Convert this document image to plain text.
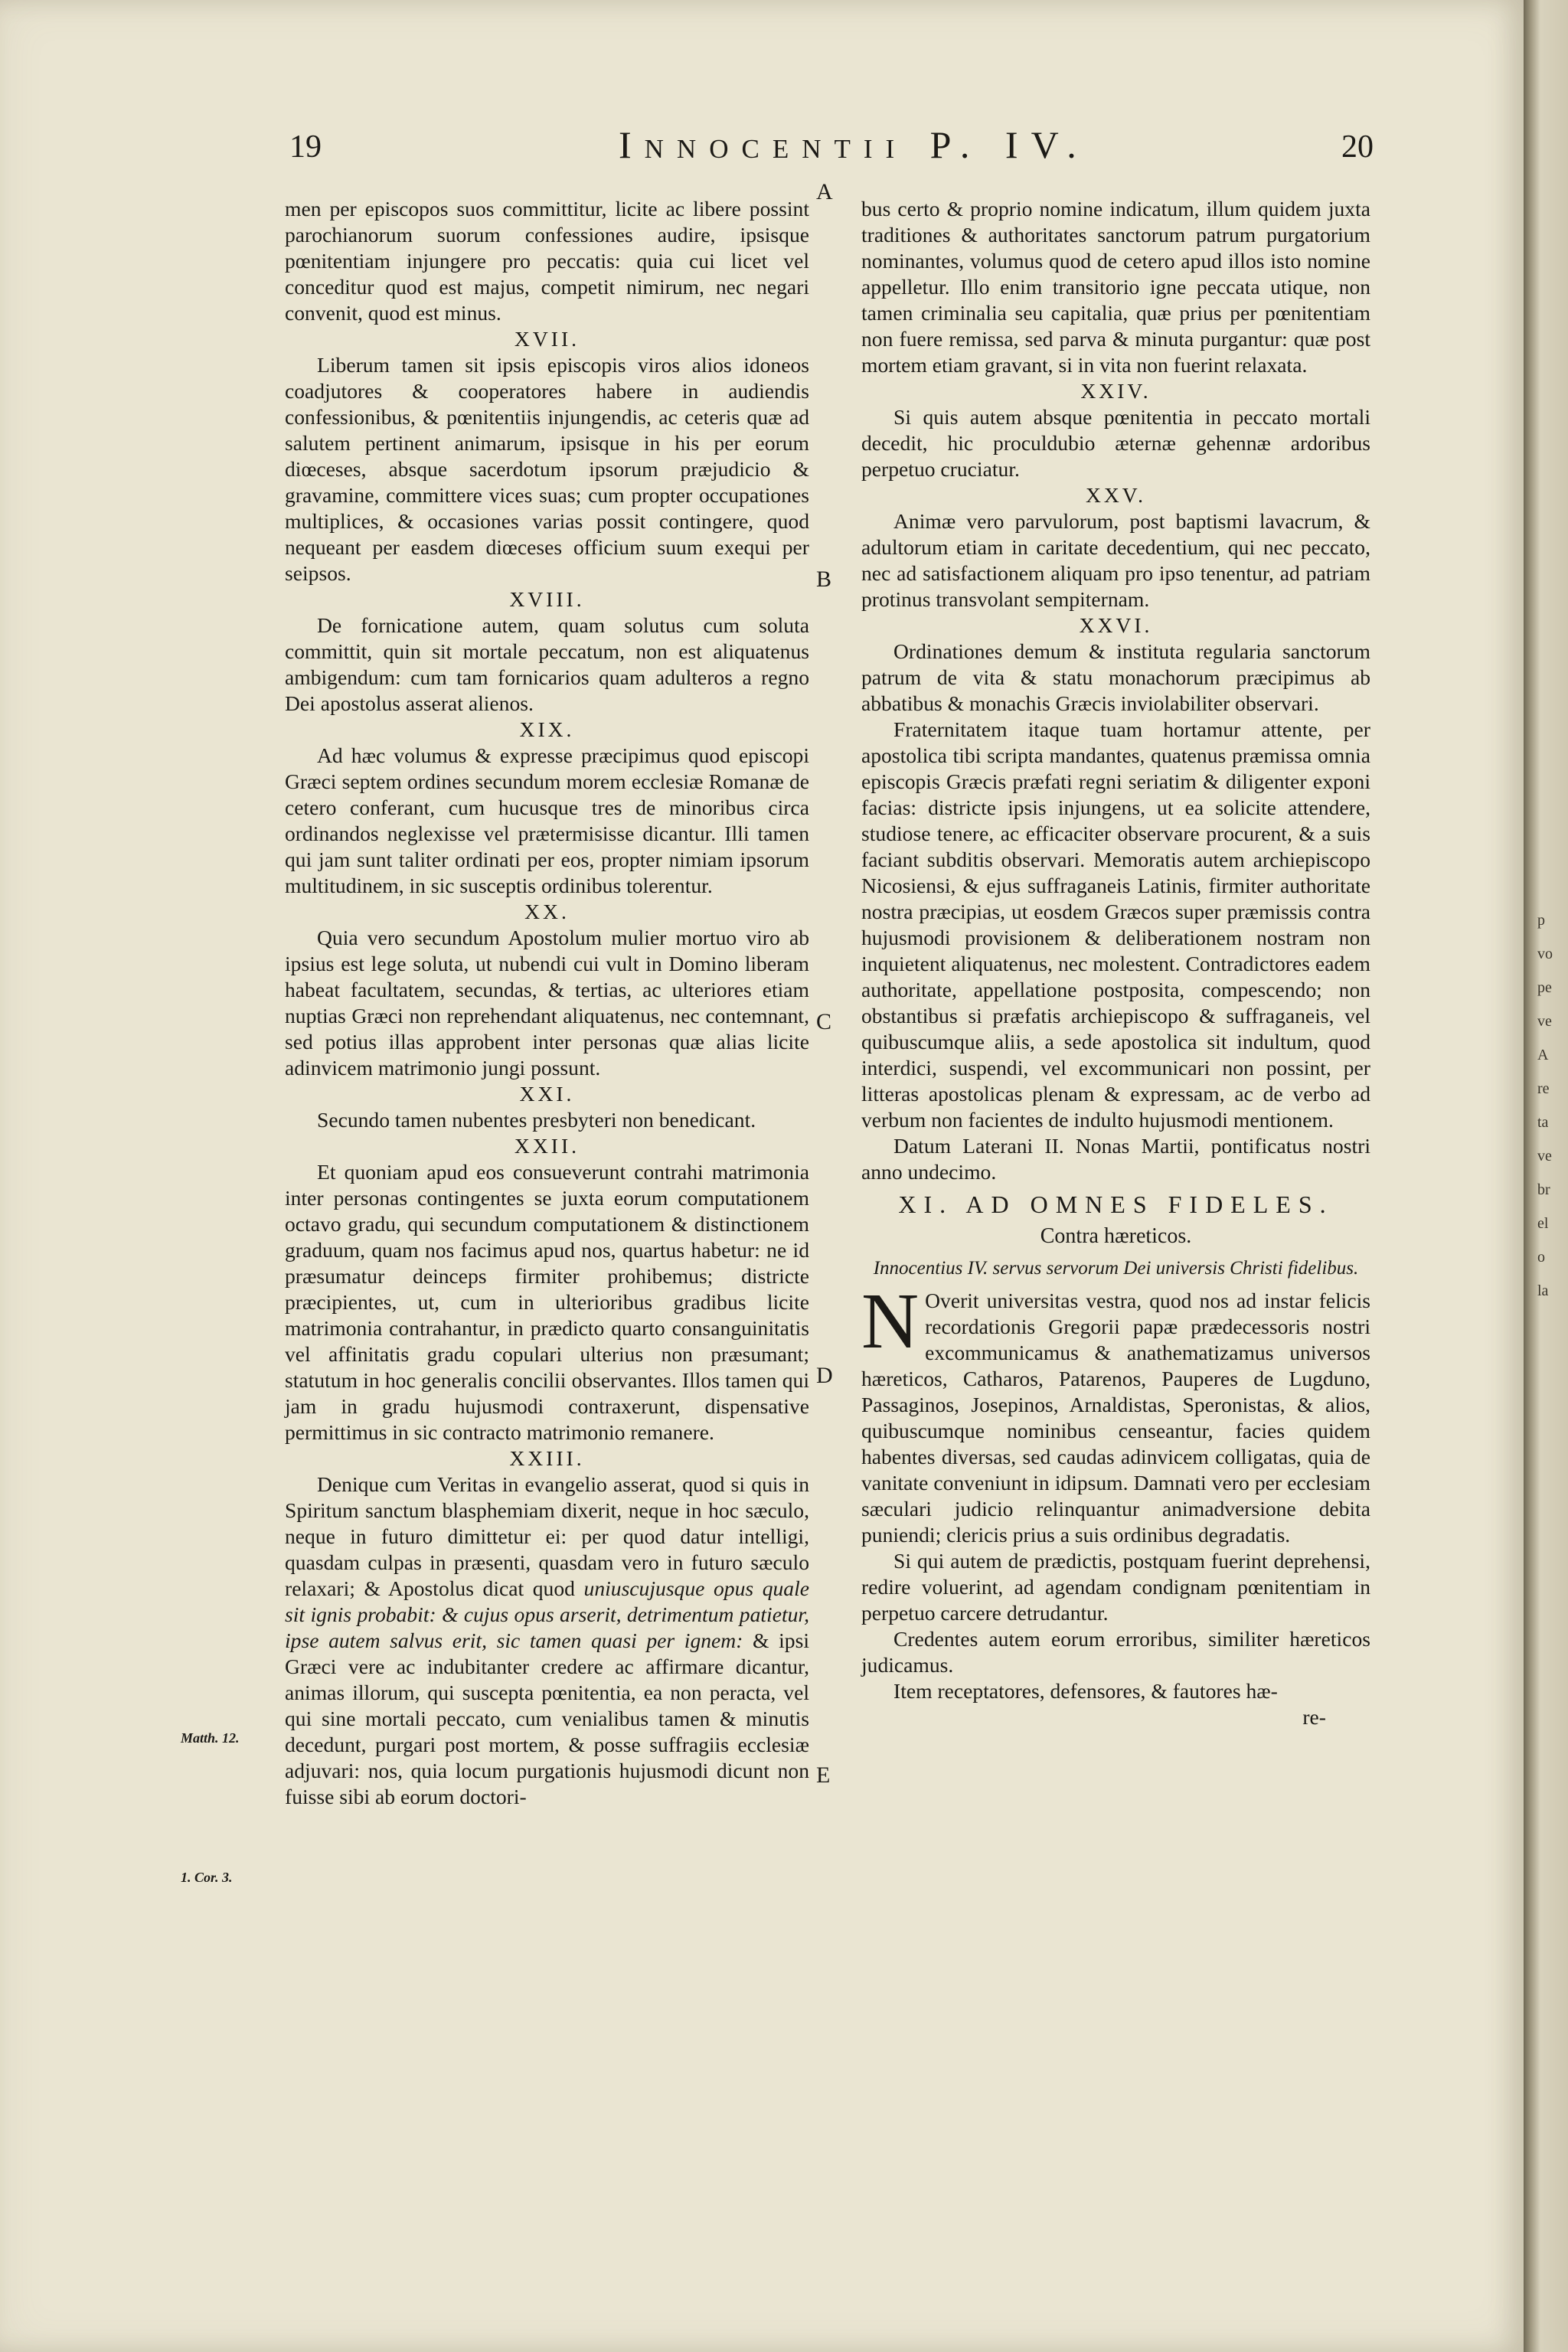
19	Innocentii P. IV.	20
A
B
C
D
E
Matth. 12.
1. Cor. 3.

men per episcopos suos committitur, licite ac libere possint parochianorum suorum confessiones audire, ipsisque pœnitentiam injungere pro peccatis: quia cui licet vel conceditur quod est majus, competit nimirum, nec negari convenit, quod est minus.

XVII.

Liberum tamen sit ipsis episcopis viros alios idoneos coadjutores & cooperatores habere in audiendis confessionibus, & pœnitentiis injungendis, ac ceteris quæ ad salutem pertinent animarum, ipsisque in his per eorum diœceses, absque sacerdotum ipsorum præjudicio & gravamine, committere vices suas; cum propter occupationes multiplices, & occasiones varias possit contingere, quod nequeant per easdem diœceses officium suum exequi per seipsos.

XVIII.

De fornicatione autem, quam solutus cum soluta committit, quin sit mortale peccatum, non est aliquatenus ambigendum: cum tam fornicarios quam adulteros a regno Dei apostolus asserat alienos.

XIX.

Ad hæc volumus & expresse præcipimus quod episcopi Græci septem ordines secundum morem ecclesiæ Romanæ de cetero conferant, cum hucusque tres de minoribus circa ordinandos neglexisse vel prætermisisse dicantur. Illi tamen qui jam sunt taliter ordinati per eos, propter nimiam ipsorum multitudinem, in sic susceptis ordinibus tolerentur.

XX.

Quia vero secundum Apostolum mulier mortuo viro ab ipsius est lege soluta, ut nubendi cui vult in Domino liberam habeat facultatem, secundas, & tertias, ac ulteriores etiam nuptias Græci non reprehendant aliquatenus, nec contemnant, sed potius illas approbent inter personas quæ alias licite adinvicem matrimonio jungi possunt.

XXI.

Secundo tamen nubentes presbyteri non benedicant.

XXII.

Et quoniam apud eos consueverunt contrahi matrimonia inter personas contingentes se juxta eorum computationem octavo gradu, qui secundum computationem & distinctionem graduum, quam nos facimus apud nos, quartus habetur: ne id præsumatur deinceps firmiter prohibemus; districte præcipientes, ut, cum in ulterioribus gradibus licite matrimonia contrahantur, in prædicto quarto consanguinitatis vel affinitatis gradu copulari ulterius non præsumant; statutum in hoc generalis concilii observantes. Illos tamen qui jam in gradu hujusmodi contraxerunt, dispensative permittimus in sic contracto matrimonio remanere.

XXIII.

Denique cum Veritas in evangelio asserat, quod si quis in Spiritum sanctum blasphemiam dixerit, neque in hoc sæculo, neque in futuro dimittetur ei: per quod datur intelligi, quasdam culpas in præsenti, quasdam vero in futuro sæculo relaxari; & Apostolus dicat quod uniuscujusque opus quale sit ignis probabit: & cujus opus arserit, detrimentum patietur, ipse autem salvus erit, sic tamen quasi per ignem: & ipsi Græci vere ac indubitanter credere ac affirmare dicantur, animas illorum, qui suscepta pœnitentia, ea non peracta, vel qui sine mortali peccato, cum venialibus tamen & minutis decedunt, purgari post mortem, & posse suffragiis ecclesiæ adjuvari: nos, quia locum purgationis hujusmodi dicunt non fuisse sibi ab eorum doctori-

bus certo & proprio nomine indicatum, illum quidem juxta traditiones & authoritates sanctorum patrum purgatorium nominantes, volumus quod de cetero apud illos isto nomine appelletur. Illo enim transitorio igne peccata utique, non tamen criminalia seu capitalia, quæ prius per pœnitentiam non fuere remissa, sed parva & minuta purgantur: quæ post mortem etiam gravant, si in vita non fuerint relaxata.

XXIV.

Si quis autem absque pœnitentia in peccato mortali decedit, hic proculdubio æternæ gehennæ ardoribus perpetuo cruciatur.

XXV.

Animæ vero parvulorum, post baptismi lavacrum, & adultorum etiam in caritate decedentium, qui nec peccato, nec ad satisfactionem aliquam pro ipso tenentur, ad patriam protinus transvolant sempiternam.

XXVI.

Ordinationes demum & instituta regularia sanctorum patrum de vita & statu monachorum præcipimus ab abbatibus & monachis Græcis inviolabiliter observari.

Fraternitatem itaque tuam hortamur attente, per apostolica tibi scripta mandantes, quatenus præmissa omnia episcopis Græcis præfati regni seriatim & diligenter exponi facias: districte ipsis injungens, ut ea solicite attendere, studiose tenere, ac efficaciter observare procurent, & a suis faciant subditis observari. Memoratis autem archiepiscopo Nicosiensi, & ejus suffraganeis Latinis, firmiter authoritate nostra præcipias, ut eosdem Græcos super præmissis contra hujusmodi provisionem & deliberationem nostram non inquietent aliquatenus, nec molestent. Contradictores eadem authoritate, appellatione postposita, compescendo; non obstantibus si præfatis archiepiscopo & suffraganeis, vel quibuscumque aliis, a sede apostolica sit indultum, quod interdici, suspendi, vel excommunicari non possint, per litteras apostolicas plenam & expressam, ac de verbo ad verbum non facientes de indulto hujusmodi mentionem.

Datum Laterani II. Nonas Martii, pontificatus nostri anno undecimo.

XI. AD OMNES FIDELES.

Contra hæreticos.

Innocentius IV. servus servorum Dei universis Christi fidelibus.

N Overit universitas vestra, quod nos ad instar felicis recordationis Gregorii papæ prædecessoris nostri excommunicamus & anathematizamus universos hæreticos, Catharos, Patarenos, Pauperes de Lugduno, Passaginos, Josepinos, Arnaldistas, Speronistas, & alios, quibuscumque nominibus censeantur, facies quidem habentes diversas, sed caudas adinvicem colligatas, quia de vanitate conveniunt in idipsum. Damnati vero per ecclesiam sæculari judicio relinquantur animadversione debita puniendi; clericis prius a suis ordinibus degradatis.

Si qui autem de prædictis, postquam fuerint deprehensi, redire voluerint, ad agendam condignam pœnitentiam in perpetuo carcere detrudantur.

Credentes autem eorum erroribus, similiter hæreticos judicamus.

Item receptatores, defensores, & fautores hæ-

re-

p
vo
pe
ve
A
re
ta
ve
br
el
o
la
